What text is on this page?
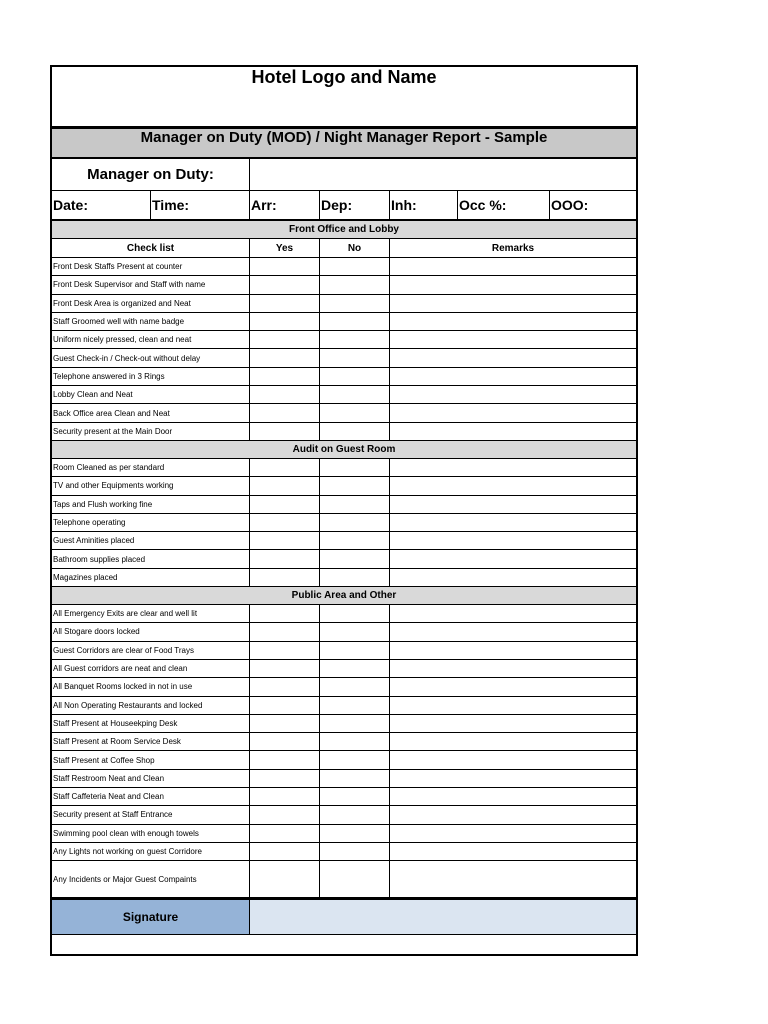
Hotel Logo and Name
Manager on Duty (MOD) / Night Manager Report - Sample
Manager on Duty:
Date:	Time:	Arr:	Dep:	Inh:	Occ %:	OOO:
Front Office and Lobby
Check list	Yes	No	Remarks
Front Desk Staffs Present at counter
Front Desk Supervisor and Staff with name
Front Desk Area is organized and Neat
Staff Groomed well with name badge
Uniform nicely pressed, clean and neat
Guest Check-in / Check-out without delay
Telephone answered in 3 Rings
Lobby Clean and Neat
Back Office area Clean and Neat
Security present at the Main Door
Audit on Guest Room
Room Cleaned as per standard
TV and other Equipments working
Taps and Flush working fine
Telephone operating
Guest Aminities placed
Bathroom supplies placed
Magazines placed
Public Area and Other
All Emergency Exits are clear and well lit
All Stogare doors locked
Guest Corridors are clear of Food Trays
All Guest corridors are neat and clean
All Banquet Rooms locked in not in use
All Non Operating Restaurants and locked
Staff Present at Houseekping Desk
Staff Present at Room Service Desk
Staff Present at Coffee Shop
Staff Restroom Neat and Clean
Staff Caffeteria Neat and Clean
Security present at Staff Entrance
Swimming pool clean with enough towels
Any Lights not working on guest Corridore
Any Incidents or Major Guest Compaints
Signature
